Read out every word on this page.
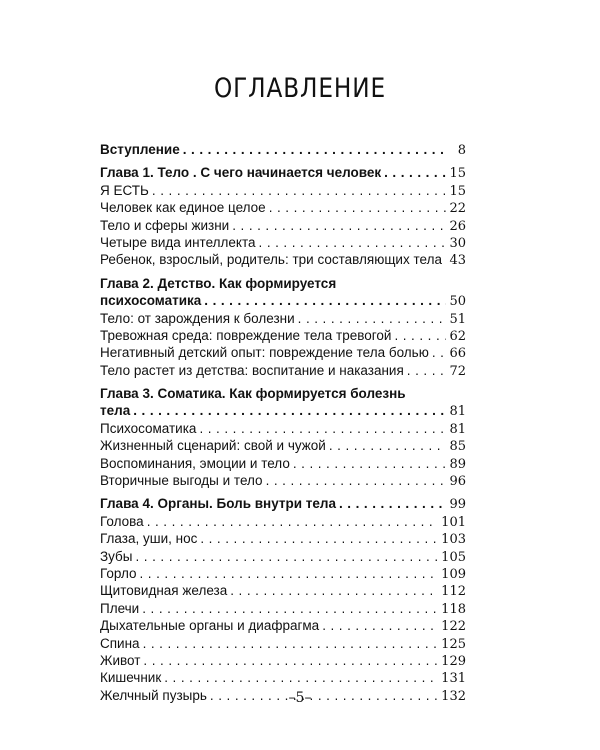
ОГЛАВЛЕНИЕ
Вступление . . .	8
Глава 1. Тело . С чего начинается человек . . .	15
Я ЕСТЬ . . .	15
Человек как единое целое . . .	22
Тело и сферы жизни . . .	26
Четыре вида интеллекта . . .	30
Ребенок, взрослый, родитель: три составляющих тела . . . 43
Глава 2. Детство. Как формируется
психосоматика . . .	50
Тело: от зарождения к болезни . . .	51
Тревожная среда: повреждение тела тревогой . . .	62
Негативный детский опыт: повреждение тела болью . . . 66
Тело растет из детства: воспитание и наказания . . .	72
Глава 3. Соматика. Как формируется болезнь
тела . . .	81
Психосоматика . . .	81
Жизненный сценарий: свой и чужой . . .	85
Воспоминания, эмоции и тело . . .	89
Вторичные выгоды и тело . . .	96
Глава 4. Органы. Боль внутри тела . . .	99
Голова . . .	101
Глаза, уши, нос . . .	103
Зубы . . .	105
Горло . . .	109
Щитовидная железа . . .	112
Плечи . . .	118
Дыхательные органы и диафрагма . . .	122
Спина . . .	125
Живот . . .	129
Кишечник . . .	131
Желчный пузырь . . .	132
–5–
